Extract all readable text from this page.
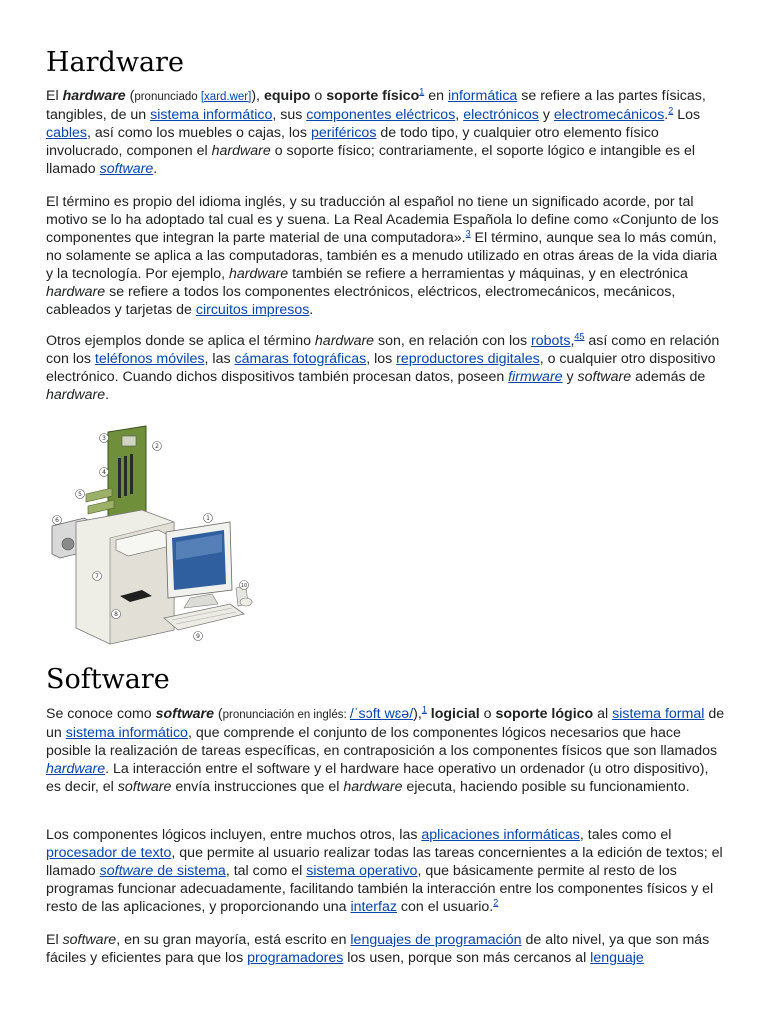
Hardware

El hardware (pronunciado [xard.wer]), equipo o soporte físico$^1$ en informática se refiere a las partes físicas, tangibles, de un sistema informático, sus componentes eléctricos, electrónicos y electromecánicos.$^2$ Los cables, así como los muebles o cajas, los periféricos de todo tipo, y cualquier otro elemento físico involucrado, componen el hardware o soporte físico; contrariamente, el soporte lógico e intangible es el llamado software.

El término es propio del idioma inglés, y su traducción al español no tiene un significado acorde, por tal motivo se lo ha adoptado tal cual es y suena. La Real Academia Española lo define como «Conjunto de los componentes que integran la parte material de una computadora».$^3$ El término, aunque sea lo más común, no solamente se aplica a las computadoras, también es a menudo utilizado en otras áreas de la vida diaria y la tecnología. Por ejemplo, hardware también se refiere a herramientas y máquinas, y en electrónica hardware se refiere a todos los componentes electrónicos, eléctricos, electromecánicos, mecánicos, cableados y tarjetas de circuitos impresos.

Otros ejemplos donde se aplica el término hardware son, en relación con los robots,$^{45}$ así como en relación con los teléfonos móviles, las cámaras fotográficas, los reproductores digitales, o cualquier otro dispositivo electrónico. Cuando dichos dispositivos también procesan datos, poseen firmware y software además de hardware.

1
2
3
4
5
6
7
8
9
10
Software

Se conoce como software (pronunciación en inglés: /ˈsɔft wɛə/),$^1$ logicial o soporte lógico al sistema formal de un sistema informático, que comprende el conjunto de los componentes lógicos necesarios que hace posible la realización de tareas específicas, en contraposición a los componentes físicos que son llamados hardware. La interacción entre el software y el hardware hace operativo un ordenador (u otro dispositivo), es decir, el software envía instrucciones que el hardware ejecuta, haciendo posible su funcionamiento.

Los componentes lógicos incluyen, entre muchos otros, las aplicaciones informáticas, tales como el procesador de texto, que permite al usuario realizar todas las tareas concernientes a la edición de textos; el llamado software de sistema, tal como el sistema operativo, que básicamente permite al resto de los programas funcionar adecuadamente, facilitando también la interacción entre los componentes físicos y el resto de las aplicaciones, y proporcionando una interfaz con el usuario.$^2$

El software, en su gran mayoría, está escrito en lenguajes de programación de alto nivel, ya que son más fáciles y eficientes para que los programadores los usen, porque son más cercanos al lenguaje
